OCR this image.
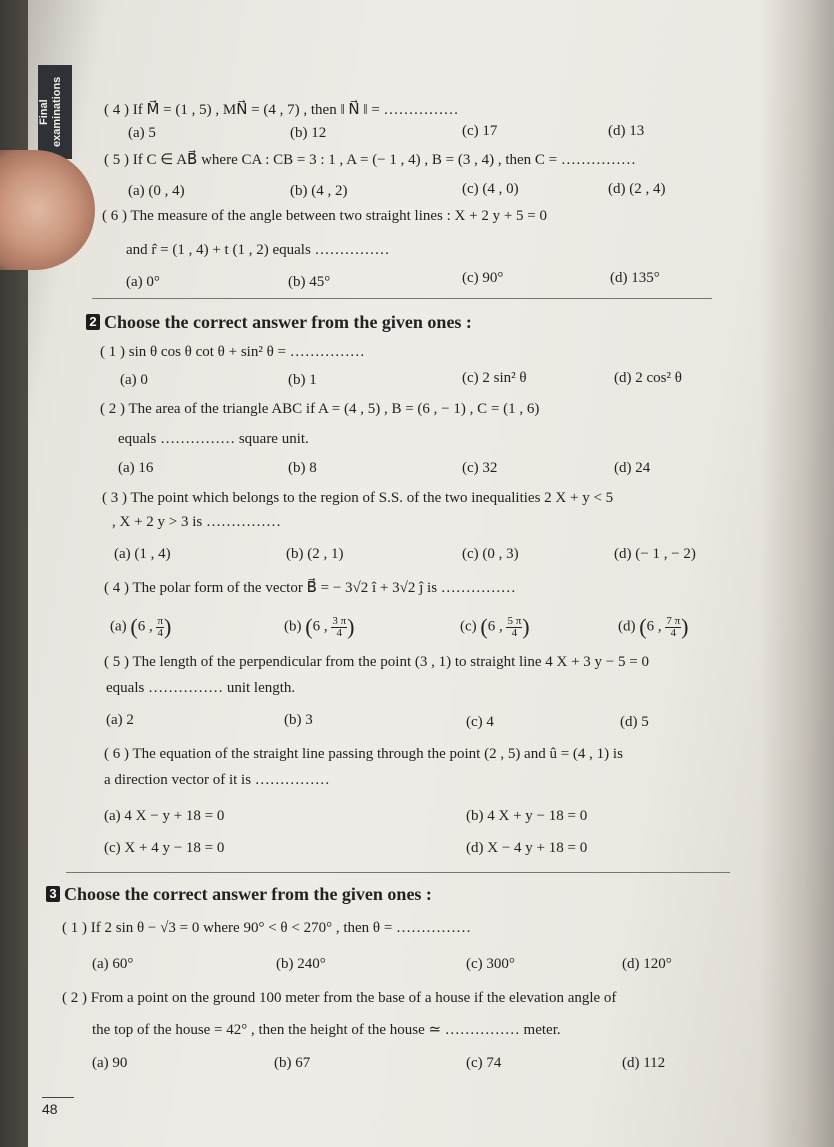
Final examinations	( 4 ) If M⃗ = (1 , 5) , MN⃗ = (4 , 7) , then ‖ N⃗ ‖ = ……………
(a) 5	(b) 12	(c) 17	(d) 13
( 5 ) If C ∈ AB⃗ where CA : CB = 3 : 1 , A = (− 1 , 4) , B = (3 , 4) , then C = ……………
(a) (0 , 4)	(b) (4 , 2)	(c) (4 , 0)	(d) (2 , 4)
( 6 ) The measure of the angle between two straight lines : X + 2 y + 5 = 0
and r̂ = (1 , 4) + t (1 , 2) equals ……………
(a) 0°	(b) 45°	(c) 90°	(d) 135°
2 Choose the correct answer from the given ones :
( 1 ) sin θ cos θ cot θ + sin² θ = ……………
(a) 0	(b) 1	(c) 2 sin² θ	(d) 2 cos² θ
( 2 ) The area of the triangle ABC if A = (4 , 5) , B = (6 , − 1) , C = (1 , 6)
equals …………… square unit.
(a) 16	(b) 8	(c) 32	(d) 24
( 3 ) The point which belongs to the region of S.S. of the two inequalities 2 X + y < 5
, X + 2 y > 3 is ……………
(a) (1 , 4)	(b) (2 , 1)	(c) (0 , 3)	(d) (− 1 , − 2)
( 4 ) The polar form of the vector B⃗ = − 3√2 î + 3√2 ĵ is ……………
(a) (6 , $\frac{\pi}{4}$ )	(b) (6 , $\frac{3 \pi}{4}$ )	(c) (6 , $\frac{5 \pi}{4}$ )	(d) (6 , $\frac{7 \pi}{4}$ )
( 5 ) The length of the perpendicular from the point (3 , 1) to straight line 4 X + 3 y − 5 = 0
equals …………… unit length.
(a) 2	(b) 3	(c) 4	(d) 5
( 6 ) The equation of the straight line passing through the point (2 , 5) and û = (4 , 1) is
a direction vector of it is ……………
(a) 4 X − y + 18 = 0	(b) 4 X + y − 18 = 0
(c) X + 4 y − 18 = 0	(d) X − 4 y + 18 = 0
3 Choose the correct answer from the given ones :
( 1 ) If 2 sin θ − √3 = 0 where 90° < θ < 270° , then θ = ……………
(a) 60°	(b) 240°	(c) 300°	(d) 120°
( 2 ) From a point on the ground 100 meter from the base of a house if the elevation angle of
the top of the house = 42° , then the height of the house ≃ …………… meter.
(a) 90	(b) 67	(c) 74	(d) 112
48
